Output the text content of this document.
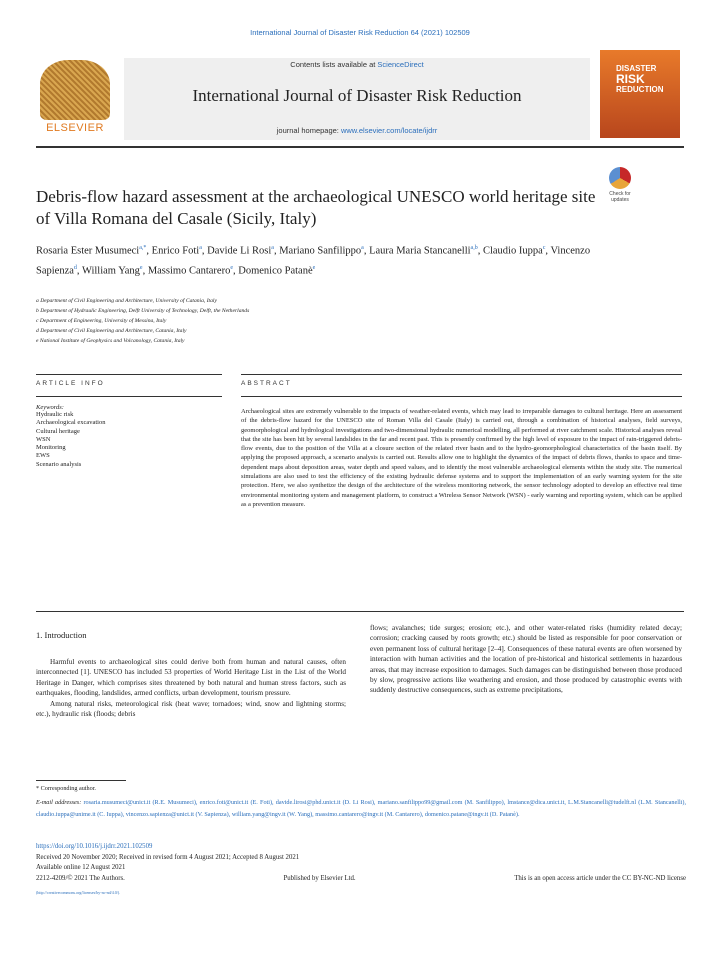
International Journal of Disaster Risk Reduction 64 (2021) 102509
ELSEVIER
Contents lists available at ScienceDirect
International Journal of Disaster Risk Reduction
journal homepage: www.elsevier.com/locate/ijdrr
DISASTER
RISK
REDUCTION
Debris-flow hazard assessment at the archaeological UNESCO world heritage site of Villa Romana del Casale (Sicily, Italy)
Check for updates
Rosaria Ester Musumeci$^{a,*}$, Enrico Foti$^a$, Davide Li Rosi$^a$, Mariano Sanfilippo$^a$, Laura Maria Stancanelli$^{a,b}$, Claudio Iuppa$^c$, Vincenzo Sapienza$^d$, William Yang$^e$, Massimo Cantarero$^e$, Domenico Patanè$^e$
a Department of Civil Engineering and Architecture, University of Catania, Italy
b Department of Hydraulic Engineering, Delft University of Technology, Delft, the Netherlands
c Department of Engineering, University of Messina, Italy
d Department of Civil Engineering and Architecture, Catania, Italy
e National Institute of Geophysics and Volcanology, Catania, Italy
ARTICLE INFO	ABSTRACT
Keywords:
Hydraulic risk
Archaeological excavation
Cultural heritage
WSN
Monitoring
EWS
Scenario analysis
Archaeological sites are extremely vulnerable to the impacts of weather-related events, which may lead to irreparable damages to cultural heritage. Here an assessment of the debris-flow hazard for the UNESCO site of Roman Villa del Casale (Italy) is carried out, through a combination of historical analyses, field surveys, geomorphological and hydrological investigations and two-dimensional hydraulic numerical modelling, all performed at river catchment scale. Historical analyses reveal that the site has been hit by several landslides in the far and recent past. This is presently confirmed by the high level of exposure to the impact of rain-triggered debris-flow events, due to the position of the Villa at a closure section of the related river basin and to the hydro-geomorphological characteristics of the basin itself. By applying the proposed approach, a scenario analysis is carried out. Results allow one to highlight the dynamics of the impact of debris flows, thanks to space and time-dependent maps about deposition areas, water depth and speed values, and to identify the most vulnerable archaeological elements within the study site. The numerical simulations are also used to test the efficiency of the existing hydraulic defense systems and to support the implementation of an early warning system for the site protection. Here, we also synthetize the design of the architecture of the wireless monitoring network, the sensor technology adopted to develop an effective real time environmental monitoring system and management platform, to construct a Wireless Sensor Network (WSN) - early warning and reporting system, which can be applied as a prevention measure.
1. Introduction

Harmful events to archaeological sites could derive both from human and natural causes, often interconnected [1]. UNESCO has included 53 properties of World Heritage List in the List of the World Heritage in Danger, which comprises sites threatened by both natural and human stress factors, such as earthquakes, flooding, landslides, armed conflicts, urban development, tourism pressure.

Among natural risks, meteorological risk (heat wave; tornadoes; wind, snow and lightning storms; etc.), hydraulic risk (floods; debris

flows; avalanches; tide surges; erosion; etc.), and other water-related risks (humidity related decay; corrosion; cracking caused by roots growth; etc.) should be listed as responsible for poor conservation or even permanent loss of cultural heritage [2–4]. Consequences of these natural events are often worsened by interaction with human activities and the location of pre-historical and historical settlements in hazardous areas, that may increase exposition to damages. Such damages can be distinguished between those produced by slow, progressive actions like weathering and erosion, and those produced by catastrophic events with suddenly destructive consequences, such as extreme precipitations,

* Corresponding author.
E-mail addresses: rosaria.musumeci@unict.it (R.E. Musumeci), enrico.foti@unict.it (E. Foti), davide.lirosi@phd.unict.it (D. Li Rosi), mariano.sanfilippo99@gmail.com (M. Sanfilippo), lmstance@dica.unict.it, L.M.Stancanelli@tudelft.nl (L.M. Stancanelli), claudio.iuppa@unime.it (C. Iuppa), vincenzo.sapienza@unict.it (V. Sapienza), william.yang@ingv.it (W. Yang), massimo.cantarero@ingv.it (M. Cantarero), domenico.patane@ingv.it (D. Patanè).
https://doi.org/10.1016/j.ijdrr.2021.102509
Received 20 November 2020; Received in revised form 4 August 2021; Accepted 8 August 2021
Available online 12 August 2021
2212-4209/© 2021 The Authors.	Published by Elsevier Ltd.	This is an open access article under the CC BY-NC-ND license
(http://creativecommons.org/licenses/by-nc-nd/4.0/).
